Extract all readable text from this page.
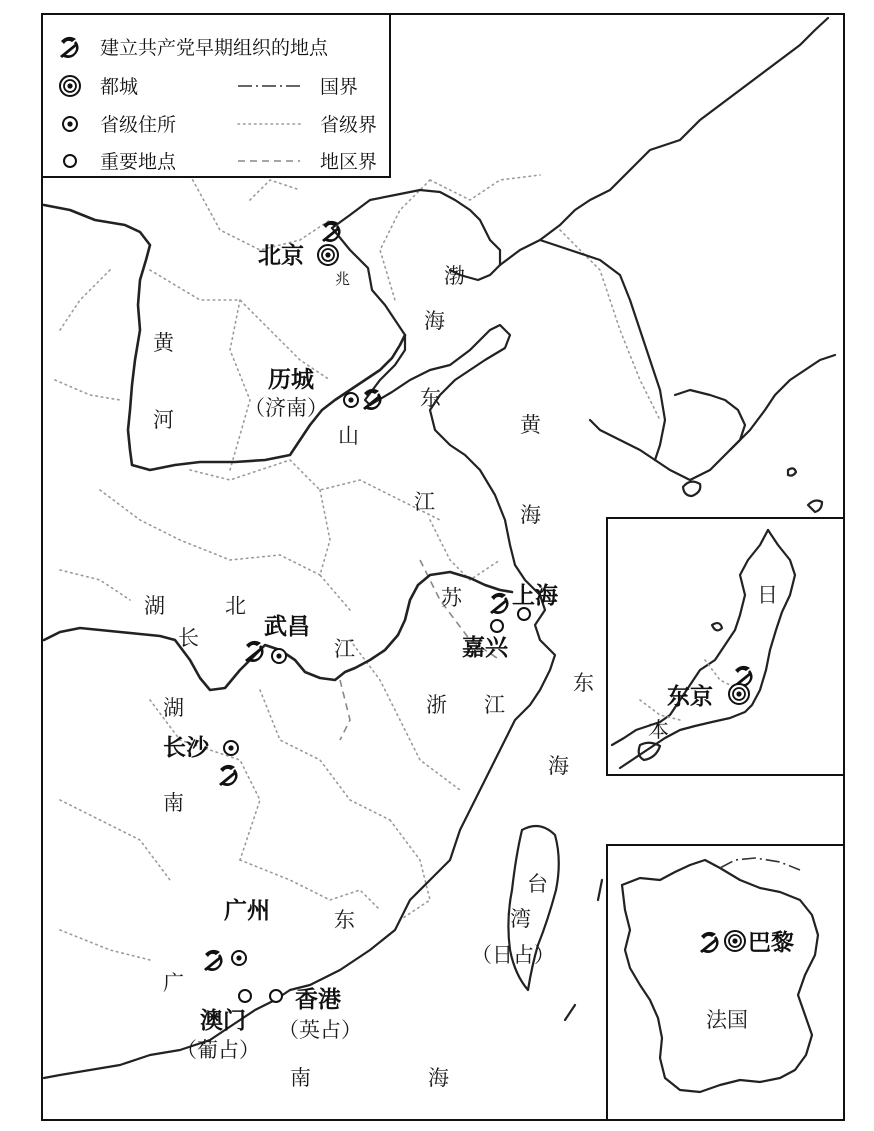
建立共产党早期组织的地点
都城
省级住所
重要地点
国界
省级界
地区界
兆	渤
海
黄
河
山
东
黄
海
江
苏
湖	北
长	江
湖
南
浙 江
东
海
台
湾
（日占）
广
东
南	海
北京
历城
（济南）
武昌
上海
嘉兴
长沙
广州
澳门
（葡占）
香港
（英占）
东京
日
本
巴黎
法国
